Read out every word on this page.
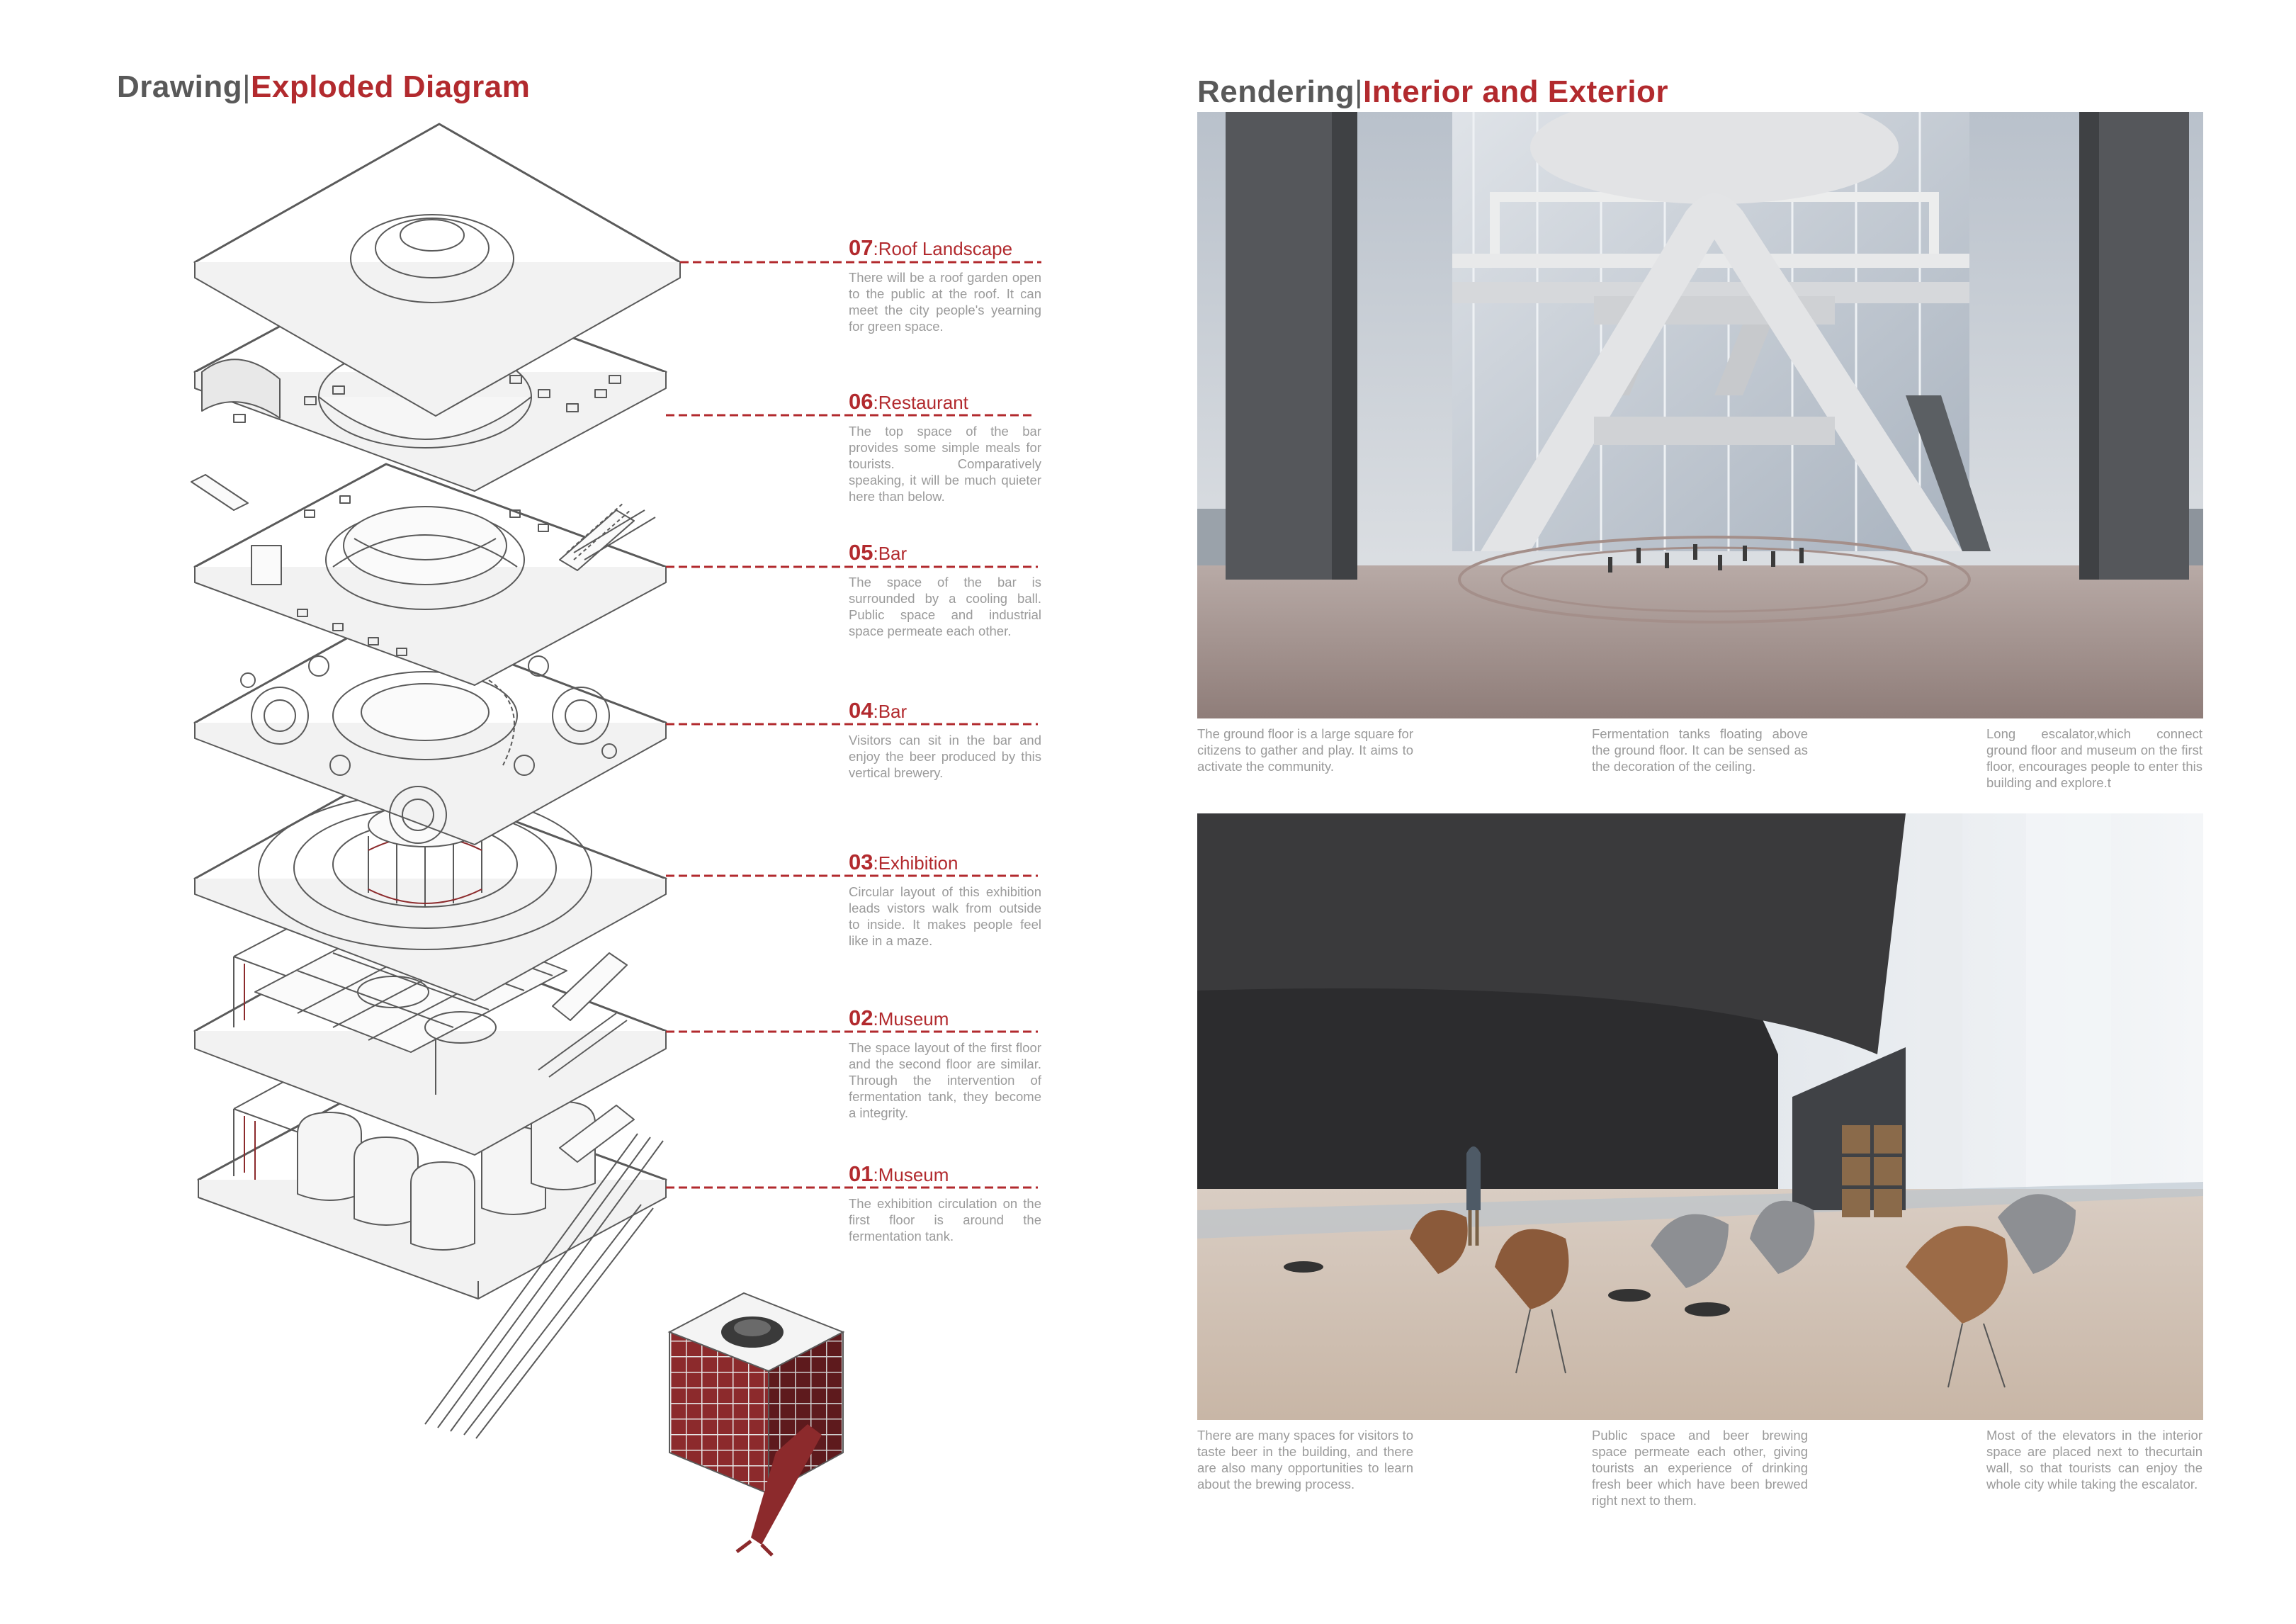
Drawing|Exploded Diagram	Rendering|Interior and Exterior
07:Roof Landscape
There will be a roof garden open to the public at the roof. It can meet the city people's yearning for green space.
06:Restaurant
The top space of the bar provides some simple meals for tourists. Comparatively speaking, it will be much quieter here than below.
05:Bar
The space of the bar is surrounded by a cooling ball. Public space and industrial space permeate each other.
04:Bar
Visitors can sit in the bar and enjoy the beer produced by this vertical brewery.
03:Exhibition
Circular layout of this exhibition leads vistors walk from outside to inside. It makes people feel like in a maze.
02:Museum
The space layout of the first floor and the second floor are similar. Through the intervention of fermentation tank, they become a integrity.
01:Museum
The exhibition circulation on the first floor is around the fermentation tank.
The ground floor is a large square for citizens to gather and play. It aims to activate the community.
Fermentation tanks floating above the ground floor. It can be sensed as the decoration of the ceiling.
Long escalator,which connect ground floor and museum on the first floor, encourages people to enter this building and explore.t
There are many spaces for visitors to taste beer in the building, and there are also many opportunities to learn about the brewing process.
Public space and beer brewing space permeate each other, giving tourists an experience of drinking fresh beer which have been brewed right next to them.
Most of the elevators in the interior space are placed next to thecurtain wall, so that tourists can enjoy the whole city while taking the escalator.
